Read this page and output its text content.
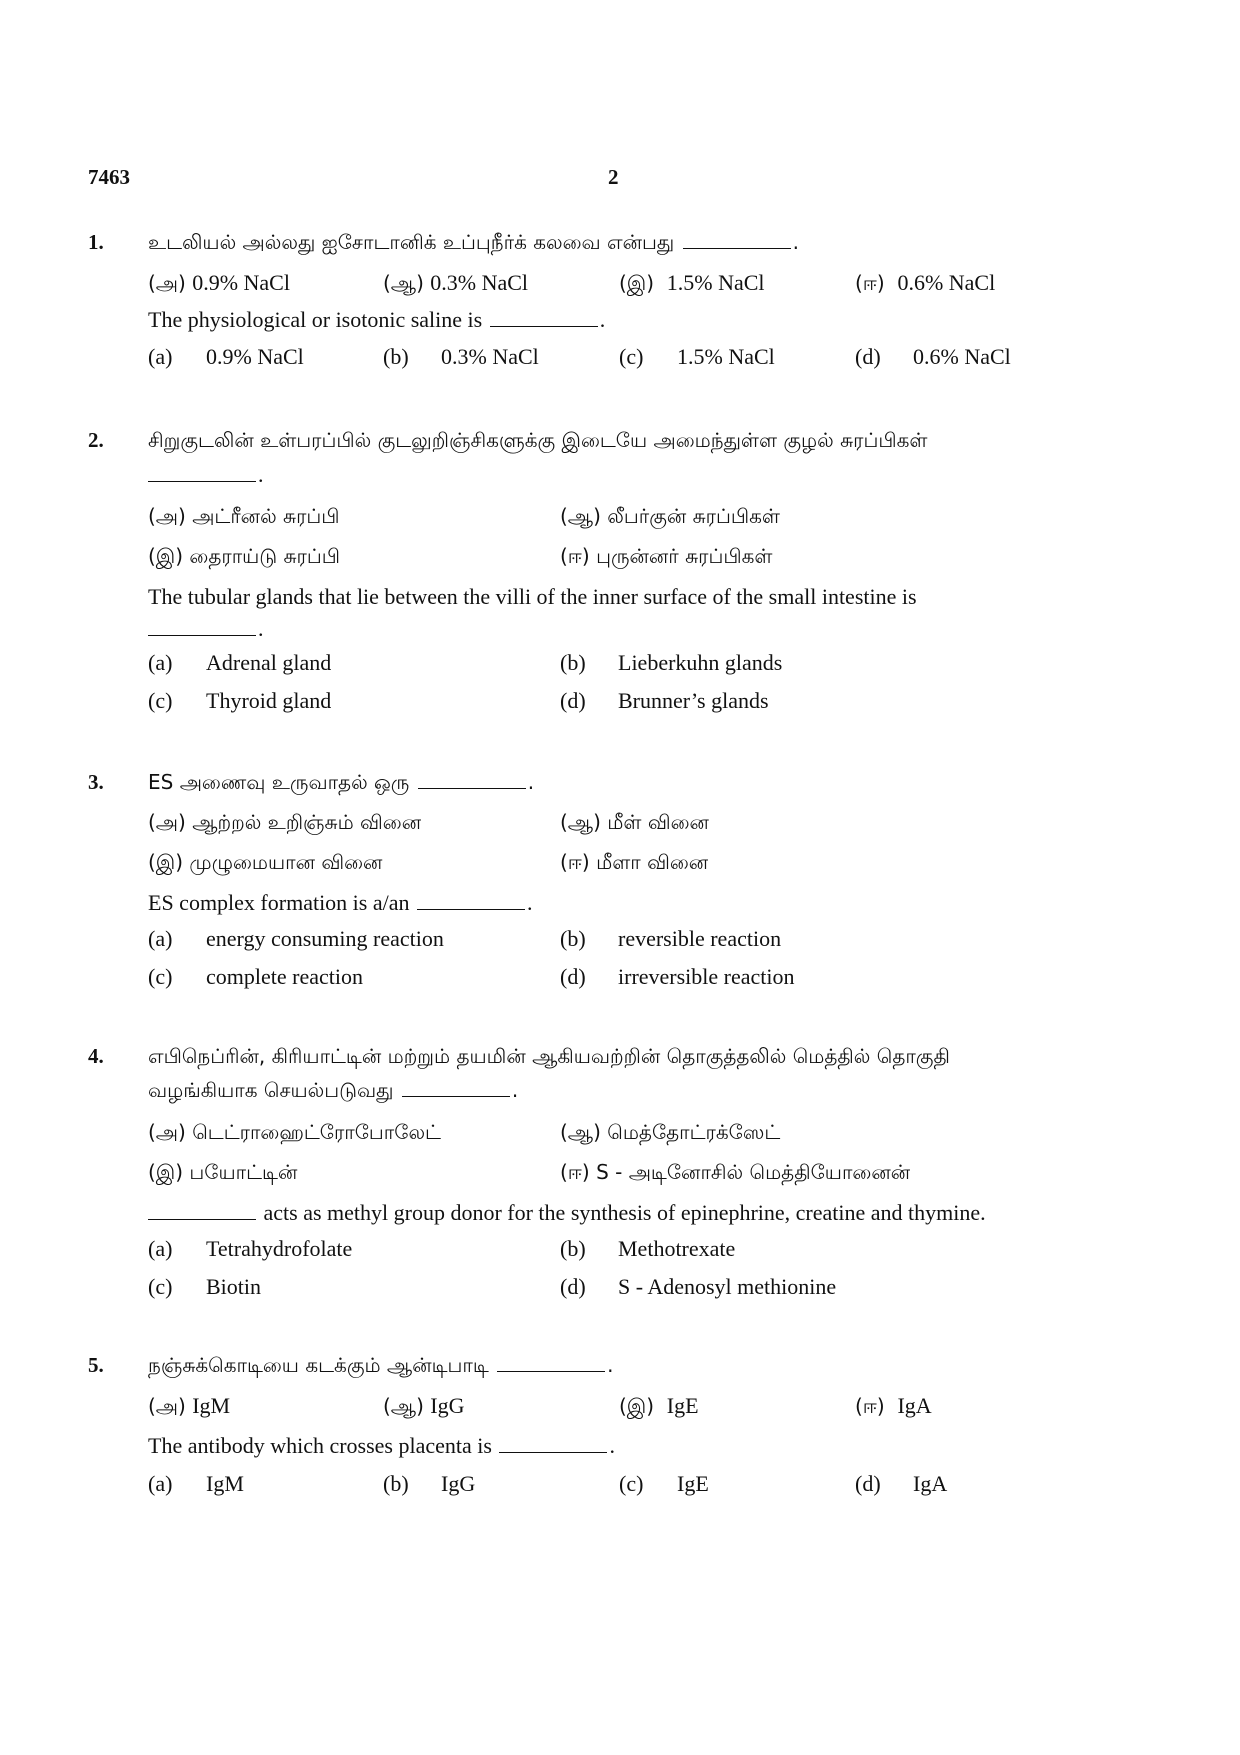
7463	2
1. உடலியல் அல்லது ஐசோடானிக் உப்புநீர்க் கலவை என்பது	.
(அ) 0.9% NaCl	(ஆ) 0.3% NaCl	(இ) 1.5% NaCl	(ஈ) 0.6% NaCl
The physiological or isotonic saline is	.
(a) 0.9% NaCl	(b) 0.3% NaCl	(c) 1.5% NaCl	(d) 0.6% NaCl
2. சிறுகுடலின் உள்பரப்பில் குடலுறிஞ்சிகளுக்கு இடையே அமைந்துள்ள குழல் சுரப்பிகள்
.
(அ) அட்ரீனல் சுரப்பி	(ஆ) லீபர்குன் சுரப்பிகள்
(இ) தைராய்டு சுரப்பி	(ஈ) புருன்னர் சுரப்பிகள்
The tubular glands that lie between the villi of the inner surface of the small intestine is
.
(a) Adrenal gland	(b) Lieberkuhn glands
(c) Thyroid gland	(d) Brunner’s glands
3. ES அணைவு உருவாதல் ஒரு	.
(அ) ஆற்றல் உறிஞ்சும் வினை	(ஆ) மீள் வினை
(இ) முழுமையான வினை	(ஈ) மீளா வினை
ES complex formation is a/an	.
(a) energy consuming reaction	(b) reversible reaction
(c) complete reaction	(d) irreversible reaction
4. எபிநெப்ரின், கிரியாட்டின் மற்றும் தயமின் ஆகியவற்றின் தொகுத்தலில் மெத்தில் தொகுதி
வழங்கியாக செயல்படுவது	.
(அ) டெட்ராஹைட்ரோபோலேட்	(ஆ) மெத்தோட்ரக்ஸேட்
(இ) பயோட்டின்	(ஈ) S - அடினோசில் மெத்தியோனைன்
acts as methyl group donor for the synthesis of epinephrine, creatine and thymine.
(a) Tetrahydrofolate	(b) Methotrexate
(c) Biotin	(d) S - Adenosyl methionine
5. நஞ்சுக்கொடியை கடக்கும் ஆன்டிபாடி	.
(அ) IgM	(ஆ) IgG	(இ) IgE	(ஈ) IgA
The antibody which crosses placenta is	.
(a) IgM	(b) IgG	(c) IgE	(d) IgA
